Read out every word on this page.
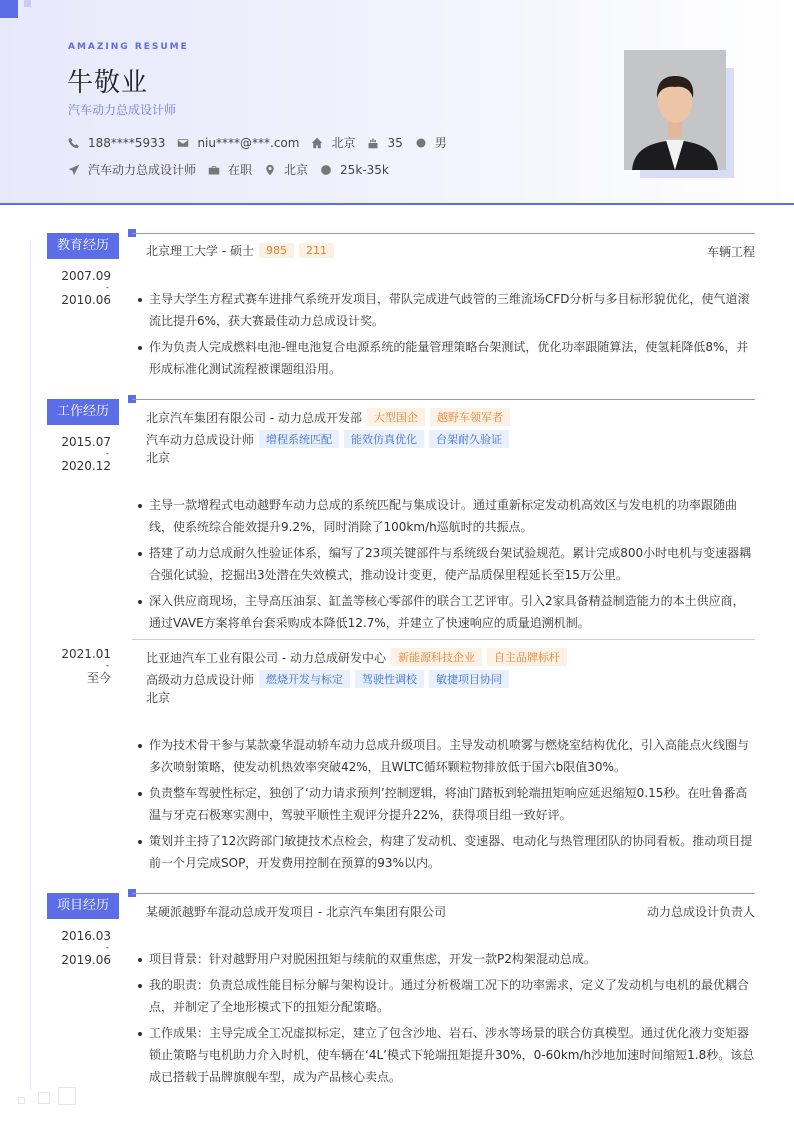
AMAZING RESUME
牛敬业
汽车动力总成设计师
188****5933	niu****@***.com	北京	35	男
汽车动力总成设计师	在职	北京	25k-35k
教育经历
2007.09
-
2010.06
北京理工大学 - 硕士	985	211	车辆工程
主导大学生方程式赛车进排气系统开发项目，带队完成进气歧管的三维流场CFD分析与多目标形貌优化，使气道滚流比提升6%，获大赛最佳动力总成设计奖。
作为负责人完成燃料电池-锂电池复合电源系统的能量管理策略台架测试，优化功率跟随算法，使氢耗降低8%，并形成标准化测试流程被课题组沿用。
工作经历
2015.07
-
2020.12
北京汽车集团有限公司 - 动力总成开发部	大型国企	越野车领军者
汽车动力总成设计师	增程系统匹配	能效仿真优化	台架耐久验证
北京
主导一款增程式电动越野车动力总成的系统匹配与集成设计。通过重新标定发动机高效区与发电机的功率跟随曲线，使系统综合能效提升9.2%，同时消除了100km/h巡航时的共振点。
搭建了动力总成耐久性验证体系，编写了23项关键部件与系统级台架试验规范。累计完成800小时电机与变速器耦合强化试验，挖掘出3处潜在失效模式，推动设计变更，使产品质保里程延长至15万公里。
深入供应商现场，主导高压油泵、缸盖等核心零部件的联合工艺评审。引入2家具备精益制造能力的本土供应商，通过VAVE方案将单台套采购成本降低12.7%，并建立了快速响应的质量追溯机制。
2021.01
-
至今
比亚迪汽车工业有限公司 - 动力总成研发中心	新能源科技企业	自主品牌标杆
高级动力总成设计师	燃烧开发与标定	驾驶性调校	敏捷项目协同
北京
作为技术骨干参与某款豪华混动轿车动力总成升级项目。主导发动机喷雾与燃烧室结构优化，引入高能点火线圈与多次喷射策略，使发动机热效率突破42%，且WLTC循环颗粒物排放低于国六b限值30%。
负责整车驾驶性标定，独创了‘动力请求预判’控制逻辑，将油门踏板到轮端扭矩响应延迟缩短0.15秒。在吐鲁番高温与牙克石极寒实测中，驾驶平顺性主观评分提升22%，获得项目组一致好评。
策划并主持了12次跨部门敏捷技术点检会，构建了发动机、变速器、电动化与热管理团队的协同看板。推动项目提前一个月完成SOP，开发费用控制在预算的93%以内。
项目经历
2016.03
-
2019.06
某硬派越野车混动总成开发项目 - 北京汽车集团有限公司	动力总成设计负责人
项目背景：针对越野用户对脱困扭矩与续航的双重焦虑，开发一款P2构架混动总成。
我的职责：负责总成性能目标分解与架构设计。通过分析极端工况下的功率需求，定义了发动机与电机的最优耦合点，并制定了全地形模式下的扭矩分配策略。
工作成果：主导完成全工况虚拟标定，建立了包含沙地、岩石、涉水等场景的联合仿真模型。通过优化液力变矩器锁止策略与电机助力介入时机，使车辆在‘4L’模式下轮端扭矩提升30%，0-60km/h沙地加速时间缩短1.8秒。该总成已搭载于品牌旗舰车型，成为产品核心卖点。
